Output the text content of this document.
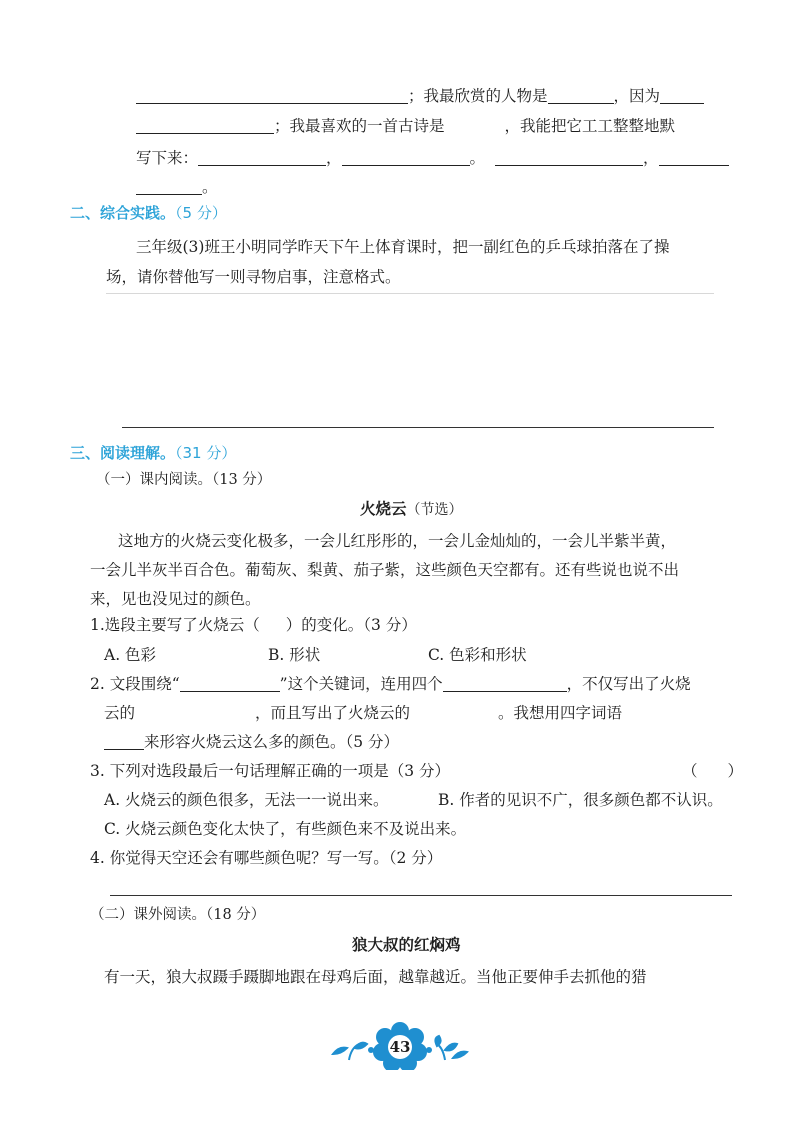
；我最欣赏的人物是	，因为
；我最喜欢的一首古诗是	，我能把它工工整整地默
写下来：	，	。	，
。
二、综合实践。（5 分）
三年级(3)班王小明同学昨天下午上体育课时，把一副红色的乒乓球拍落在了操
场，请你替他写一则寻物启事，注意格式。
三、阅读理解。（31 分）
（一）课内阅读。（13 分）
火烧云（节选）
这地方的火烧云变化极多，一会儿红彤彤的，一会儿金灿灿的，一会儿半紫半黄，
一会儿半灰半百合色。葡萄灰、梨黄、茄子紫，这些颜色天空都有。还有些说也说不出
来，见也没见过的颜色。
1.选段主要写了火烧云（ ）的变化。（3 分）
A. 色彩	B. 形状	C. 色彩和形状
2. 文段围绕“	”这个关键词，连用四个	，不仅写出了火烧
云的	，而且写出了火烧云的	。我想用四字词语
来形容火烧云这么多的颜色。（5 分）
3. 下列对选段最后一句话理解正确的一项是（3 分）	（ ）
A. 火烧云的颜色很多，无法一一说出来。	B. 作者的见识不广，很多颜色都不认识。
C. 火烧云颜色变化太快了，有些颜色来不及说出来。
4. 你觉得天空还会有哪些颜色呢？写一写。（2 分）
（二）课外阅读。（18 分）
狼大叔的红焖鸡
有一天，狼大叔蹑手蹑脚地跟在母鸡后面，越靠越近。当他正要伸手去抓他的猎
43
